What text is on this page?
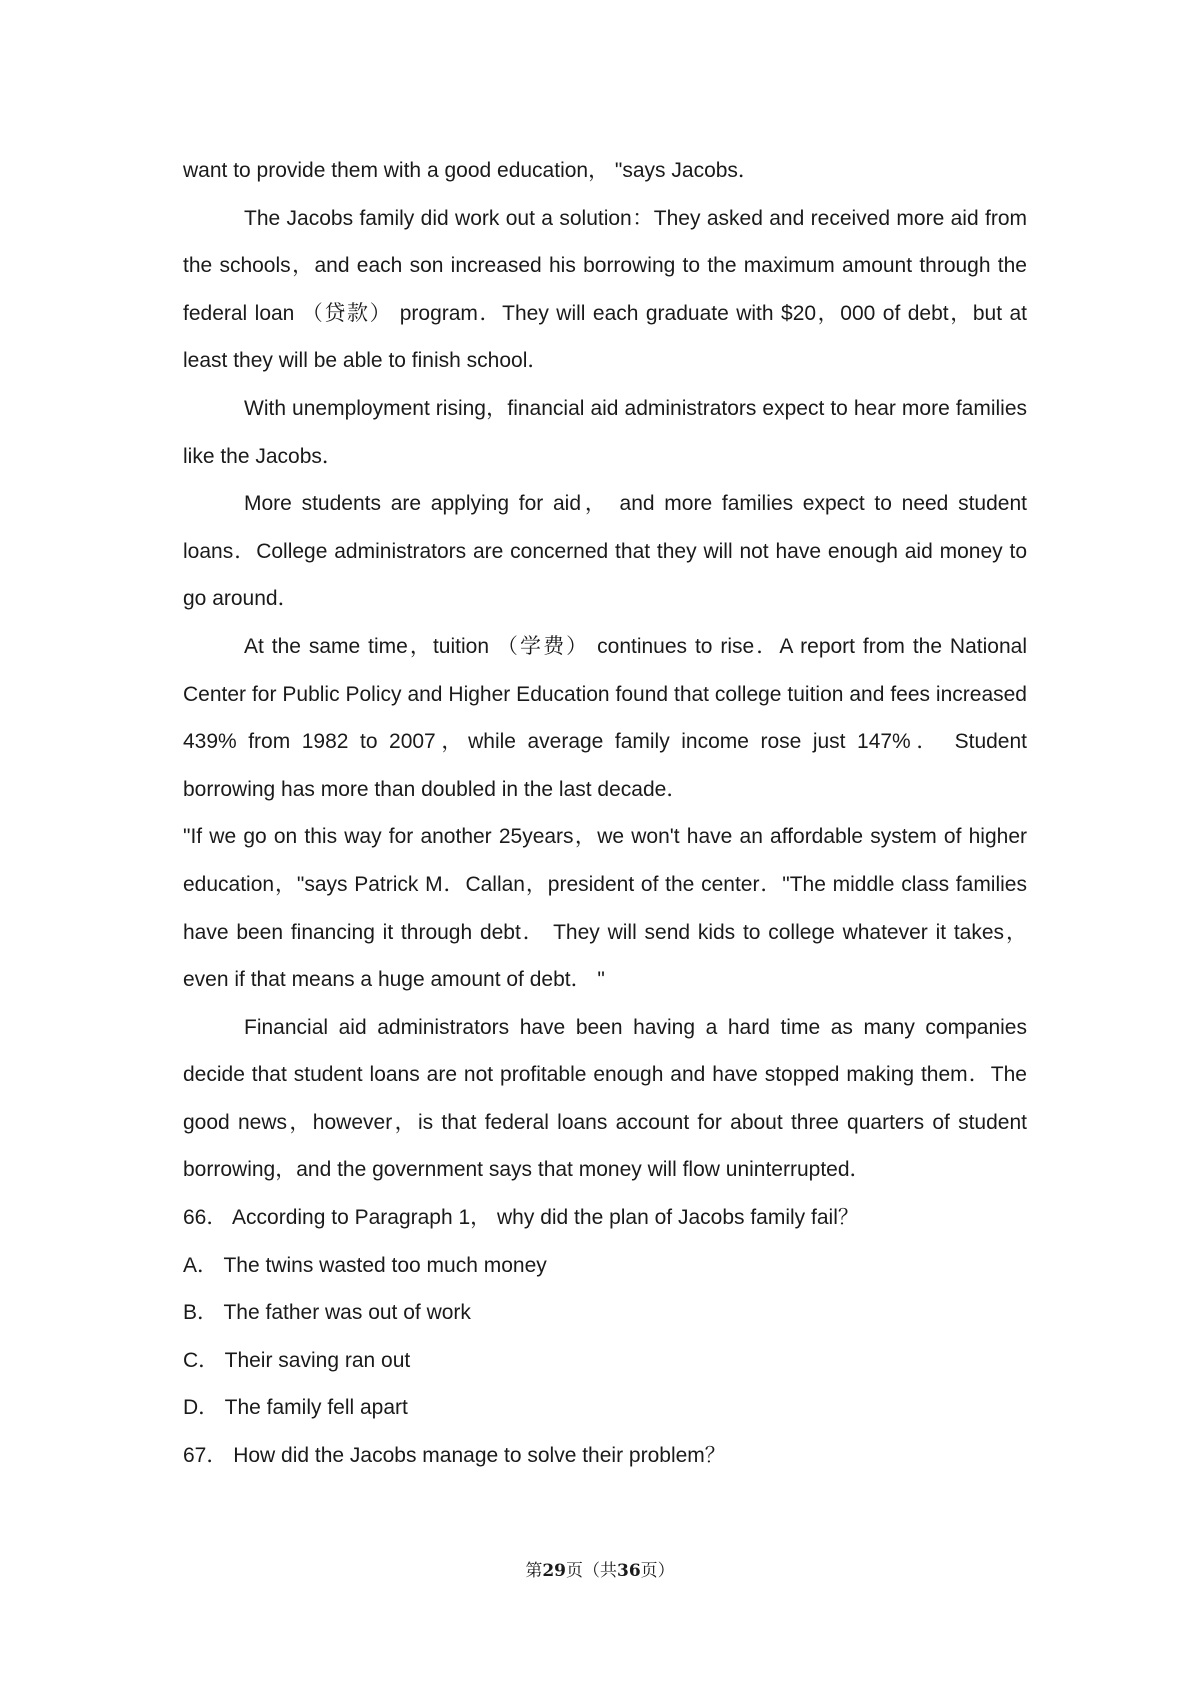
want to provide them with a good education， "says Jacobs．

The Jacobs family did work out a solution：They asked and received more aid from the schools，and each son increased his borrowing to the maximum amount through the federal loan （贷款） program．They will each graduate with $20，000 of debt，but at least they will be able to finish school．

With unemployment rising，financial aid administrators expect to hear more families like the Jacobs．

More students are applying for aid， and more families expect to need student loans．College administrators are concerned that they will not have enough aid money to go around．

At the same time，tuition （学费） continues to rise．A report from the National Center for Public Policy and Higher Education found that college tuition and fees increased 439% from 1982 to 2007，while average family income rose just 147%． Student borrowing has more than doubled in the last decade．

"If we go on this way for another 25years，we won't have an affordable system of higher education，"says Patrick M．Callan，president of the center．"The middle class families have been financing it through debt． They will send kids to college whatever it takes，even if that means a huge amount of debt． "

Financial aid administrators have been having a hard time as many companies decide that student loans are not profitable enough and have stopped making them．The good news，however，is that federal loans account for about three quarters of student borrowing，and the government says that money will flow uninterrupted．

66． According to Paragraph 1， why did the plan of Jacobs family fail？

A． The twins wasted too much money

B． The father was out of work

C． Their saving ran out

D． The family fell apart

67． How did the Jacobs manage to solve their problem？

第29页（共36页）
